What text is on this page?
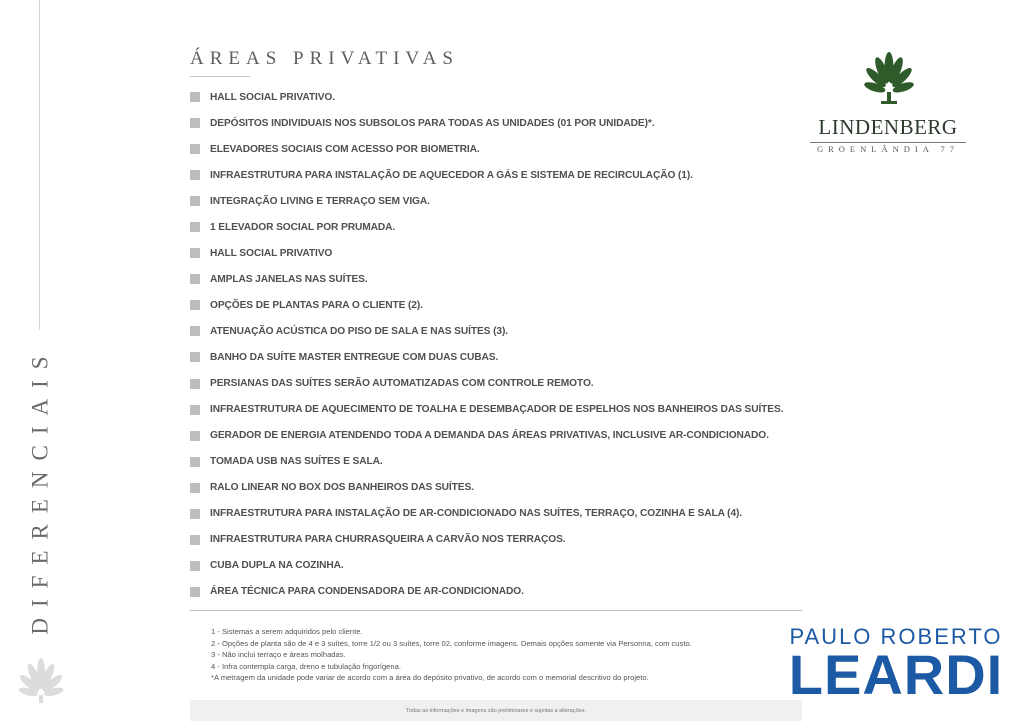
DIFERENCIAIS
ÁREAS PRIVATIVAS
HALL SOCIAL PRIVATIVO.
DEPÓSITOS INDIVIDUAIS NOS SUBSOLOS PARA TODAS AS UNIDADES (01 POR UNIDADE)*.
ELEVADORES SOCIAIS COM ACESSO POR BIOMETRIA.
INFRAESTRUTURA PARA INSTALAÇÃO DE AQUECEDOR A GÁS E SISTEMA DE RECIRCULAÇÃO (1).
INTEGRAÇÃO LIVING E TERRAÇO SEM VIGA.
1 ELEVADOR SOCIAL POR PRUMADA.
HALL SOCIAL PRIVATIVO
AMPLAS JANELAS NAS SUÍTES.
OPÇÕES DE PLANTAS PARA O CLIENTE (2).
ATENUAÇÃO ACÚSTICA DO PISO DE SALA E NAS SUÍTES (3).
BANHO DA SUÍTE MASTER ENTREGUE COM DUAS CUBAS.
PERSIANAS DAS SUÍTES SERÃO AUTOMATIZADAS COM CONTROLE REMOTO.
INFRAESTRUTURA DE AQUECIMENTO DE TOALHA E DESEMBAÇADOR DE ESPELHOS NOS BANHEIROS DAS SUÍTES.
GERADOR DE ENERGIA ATENDENDO TODA A DEMANDA DAS ÁREAS PRIVATIVAS, INCLUSIVE AR-CONDICIONADO.
TOMADA USB NAS SUÍTES E SALA.
RALO LINEAR NO BOX DOS BANHEIROS DAS SUÍTES.
INFRAESTRUTURA PARA INSTALAÇÃO DE AR-CONDICIONADO NAS SUÍTES, TERRAÇO, COZINHA E SALA (4).
INFRAESTRUTURA PARA CHURRASQUEIRA A CARVÃO NOS TERRAÇOS.
CUBA DUPLA NA COZINHA.
ÁREA TÉCNICA PARA CONDENSADORA DE AR-CONDICIONADO.
1 - Sistemas a serem adquiridos pelo cliente.
2 - Opções de planta são de 4 e 3 suítes, torre 1/2 ou 3 suítes, torre 02, conforme imagens. Demais opções somente via Personna, com custo.
3 - Não inclui terraço e áreas molhadas.
4 - Infra contempla carga, dreno e tubulação frigorígena.
*A metragem da unidade pode variar de acordo com a área do depósito privativo, de acordo com o memorial descritivo do projeto.
Todas as informações e imagens são preliminares e sujeitas a alterações.
LINDENBERG
GROENLÂNDIA 77
PAULO ROBERTO
LEARDI
